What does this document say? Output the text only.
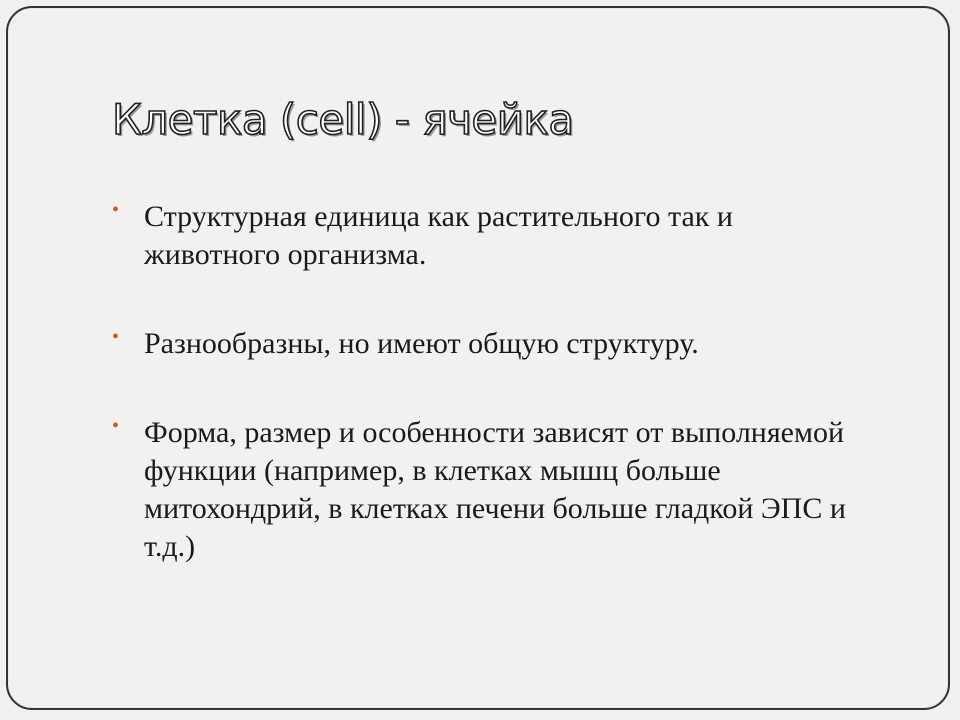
Клетка (cell) - ячейка
• Структурная единица как растительного так и животного организма.
• Разнообразны, но имеют общую структуру.
• Форма, размер и особенности зависят от выполняемой функции (например, в клетках мышц больше митохондрий, в клетках печени больше гладкой ЭПС и т.д.)
